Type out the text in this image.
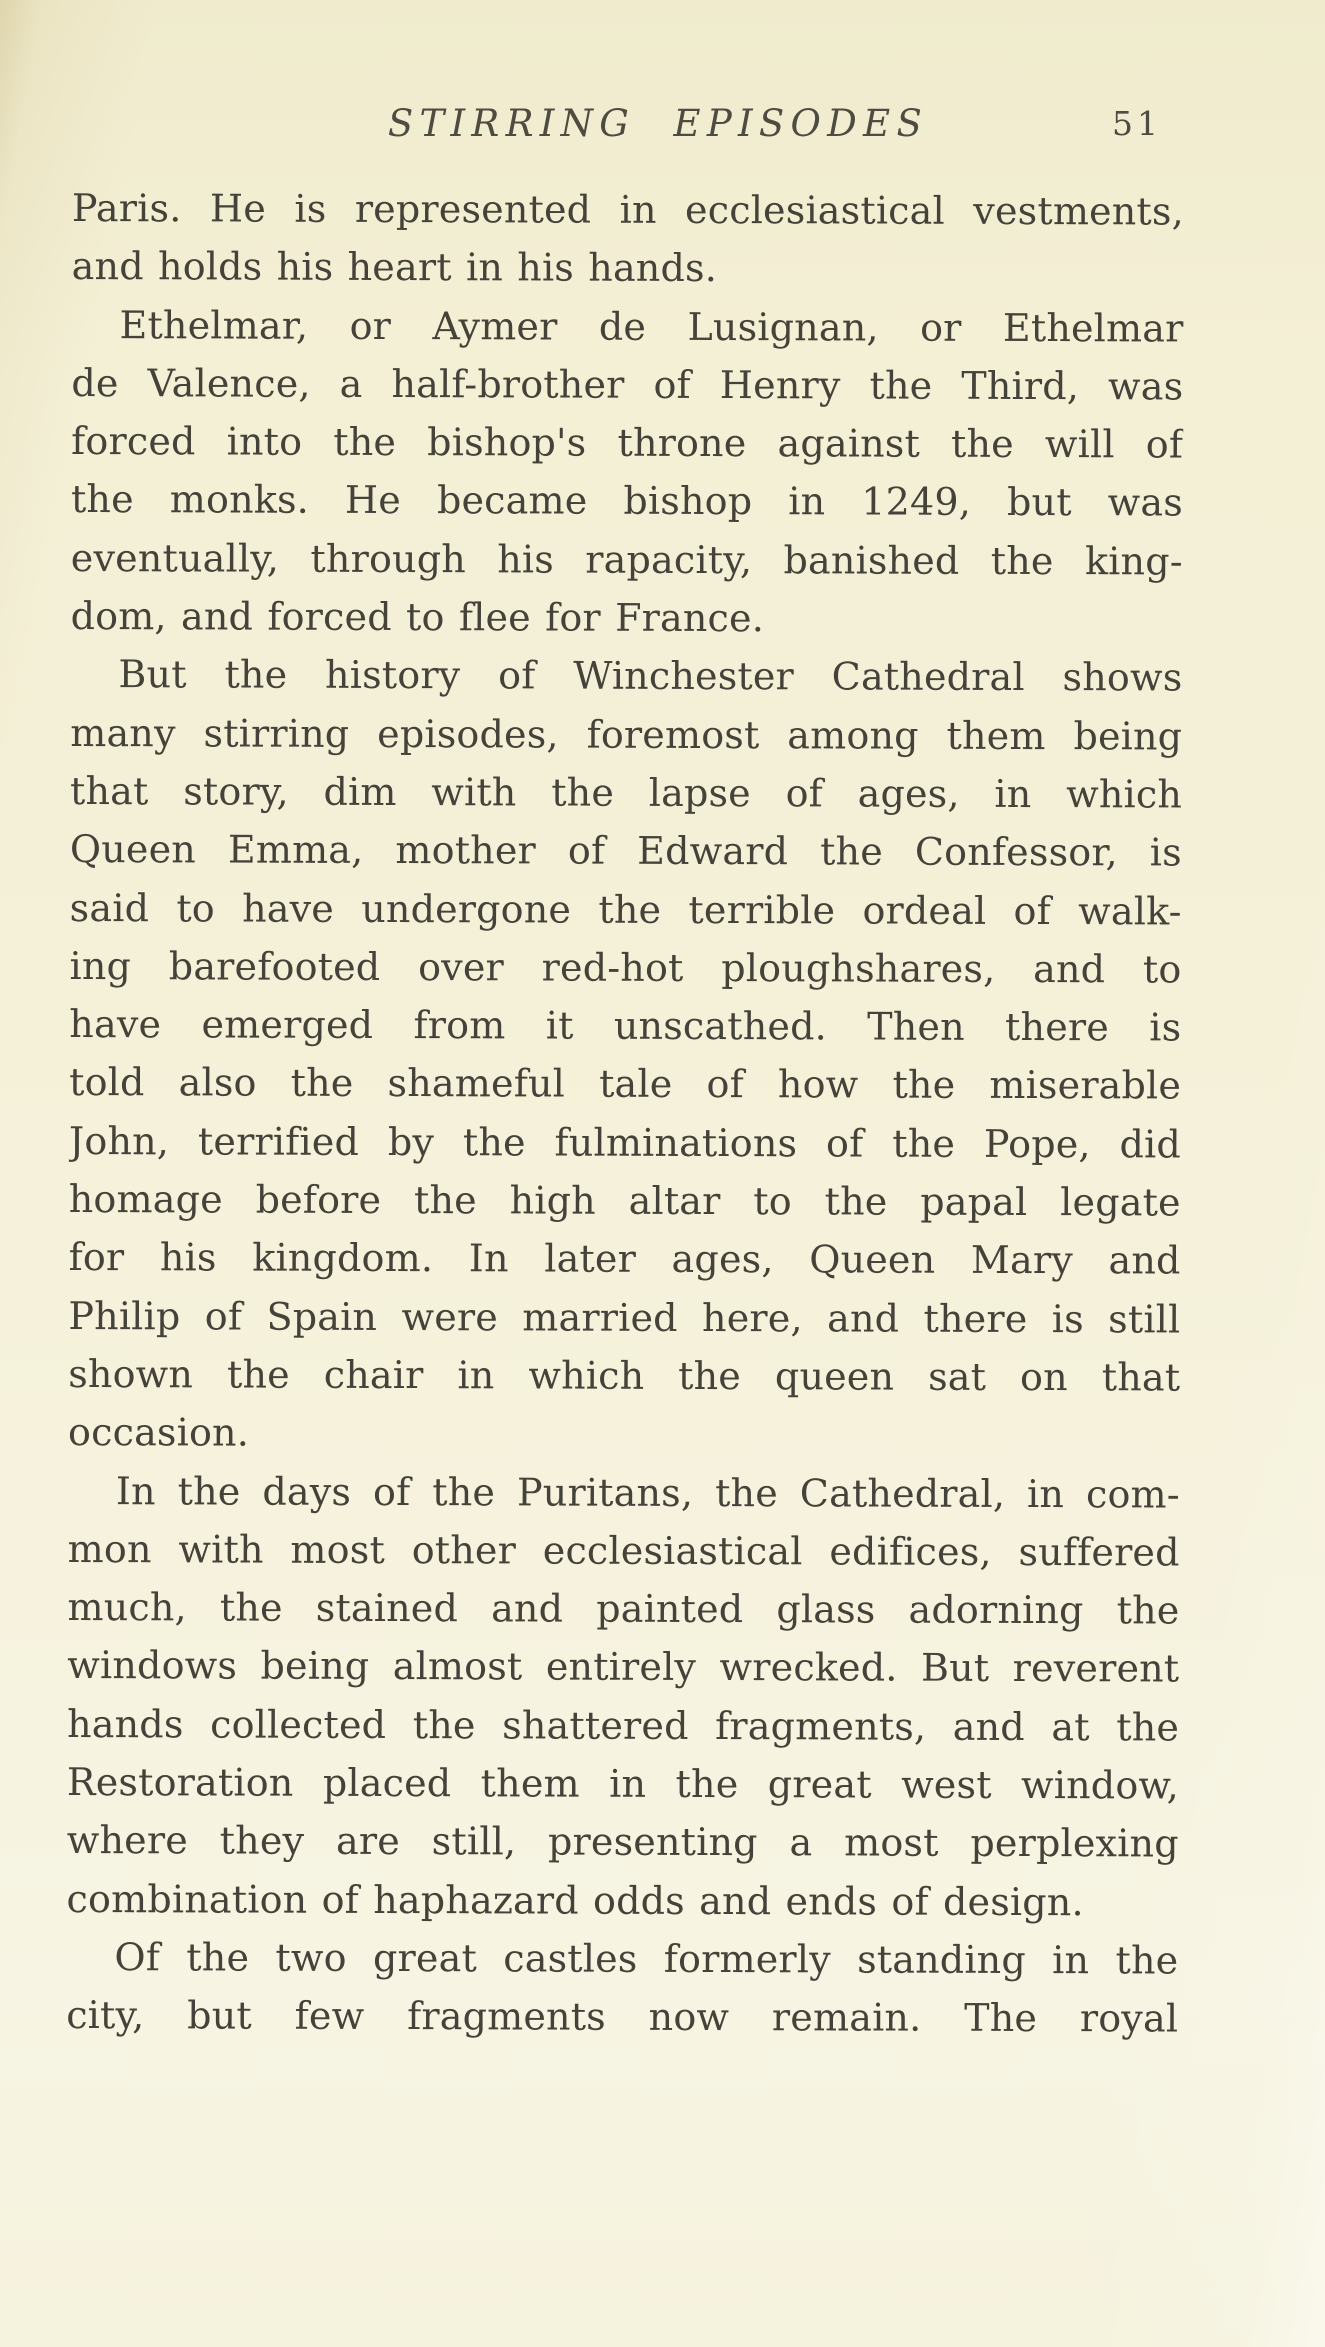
STIRRING EPISODES	51
Paris. He is represented in ecclesiastical vestments,
and holds his heart in his hands.
Ethelmar, or Aymer de Lusignan, or Ethelmar
de Valence, a half-brother of Henry the Third, was
forced into the bishop's throne against the will of
the monks. He became bishop in 1249, but was
eventually, through his rapacity, banished the king-
dom, and forced to flee for France.
But the history of Winchester Cathedral shows
many stirring episodes, foremost among them being
that story, dim with the lapse of ages, in which
Queen Emma, mother of Edward the Confessor, is
said to have undergone the terrible ordeal of walk-
ing barefooted over red-hot ploughshares, and to
have emerged from it unscathed. Then there is
told also the shameful tale of how the miserable
John, terrified by the fulminations of the Pope, did
homage before the high altar to the papal legate
for his kingdom. In later ages, Queen Mary and
Philip of Spain were married here, and there is still
shown the chair in which the queen sat on that
occasion.
In the days of the Puritans, the Cathedral, in com-
mon with most other ecclesiastical edifices, suffered
much, the stained and painted glass adorning the
windows being almost entirely wrecked. But reverent
hands collected the shattered fragments, and at the
Restoration placed them in the great west window,
where they are still, presenting a most perplexing
combination of haphazard odds and ends of design.
Of the two great castles formerly standing in the
city, but few fragments now remain. The royal
